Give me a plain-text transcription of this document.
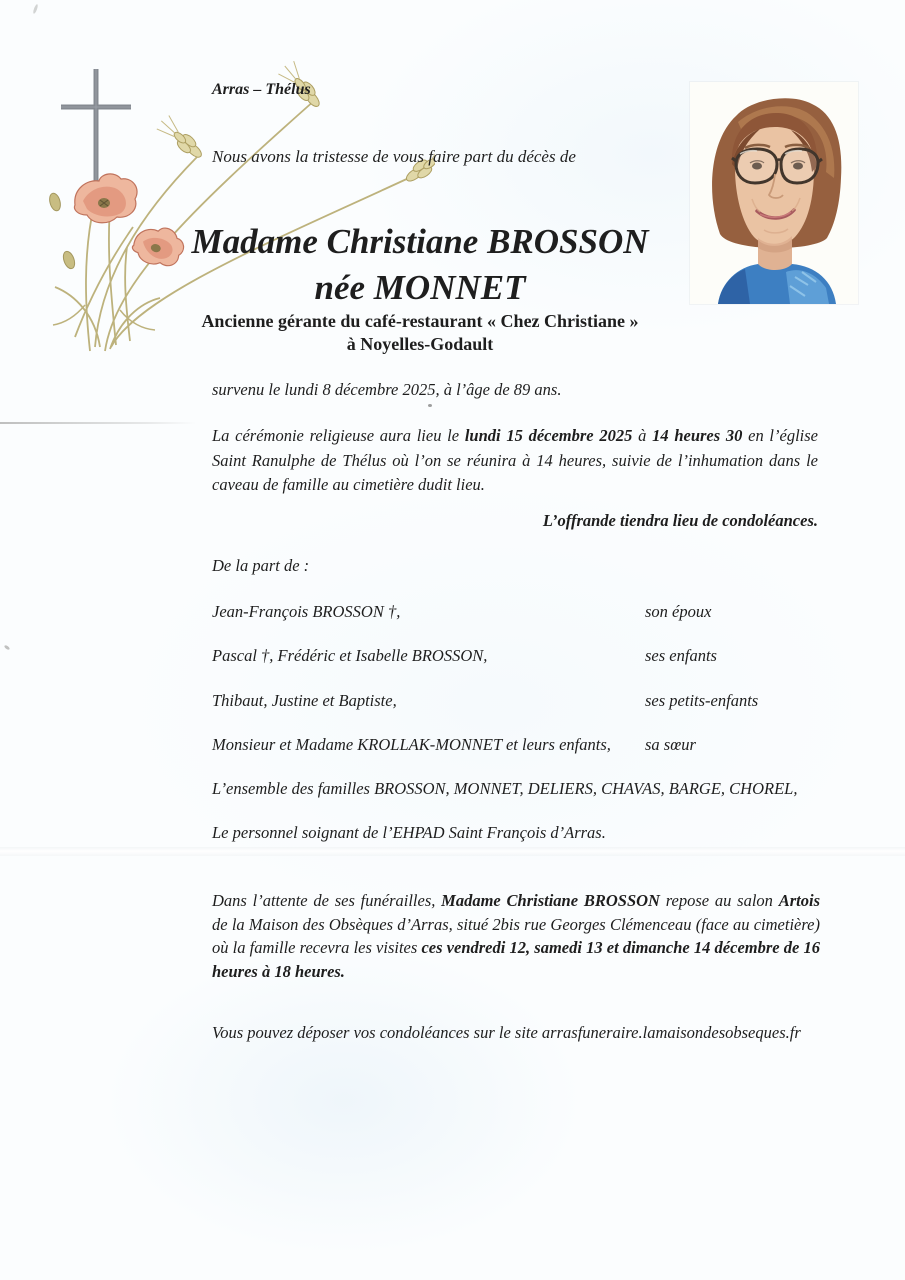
Arras – Thélus
Nous avons la tristesse de vous faire part du décès de
Madame Christiane BROSSON
née MONNET
Ancienne gérante du café-restaurant « Chez Christiane »
à Noyelles-Godault
survenu le lundi 8 décembre 2025, à l’âge de 89 ans.
La cérémonie religieuse aura lieu le lundi 15 décembre 2025 à 14 heures 30 en l’église Saint Ranulphe de Thélus où l’on se réunira à 14 heures, suivie de l’inhumation dans le caveau de famille au cimetière dudit lieu.
L’offrande tiendra lieu de condoléances.
De la part de :
Jean-François BROSSON †,	son époux
Pascal †, Frédéric et Isabelle BROSSON,	ses enfants
Thibaut, Justine et Baptiste,	ses petits-enfants
Monsieur et Madame KROLLAK-MONNET et leurs enfants, sa sœur
L’ensemble des familles BROSSON, MONNET, DELIERS, CHAVAS, BARGE, CHOREL,
Le personnel soignant de l’EHPAD Saint François d’Arras.
Dans l’attente de ses funérailles, Madame Christiane BROSSON repose au salon Artois de la Maison des Obsèques d’Arras, situé 2bis rue Georges Clémenceau (face au cimetière) où la famille recevra les visites ces vendredi 12, samedi 13 et dimanche 14 décembre de 16 heures à 18 heures.
Vous pouvez déposer vos condoléances sur le site arrasfuneraire.lamaisondesobseques.fr
